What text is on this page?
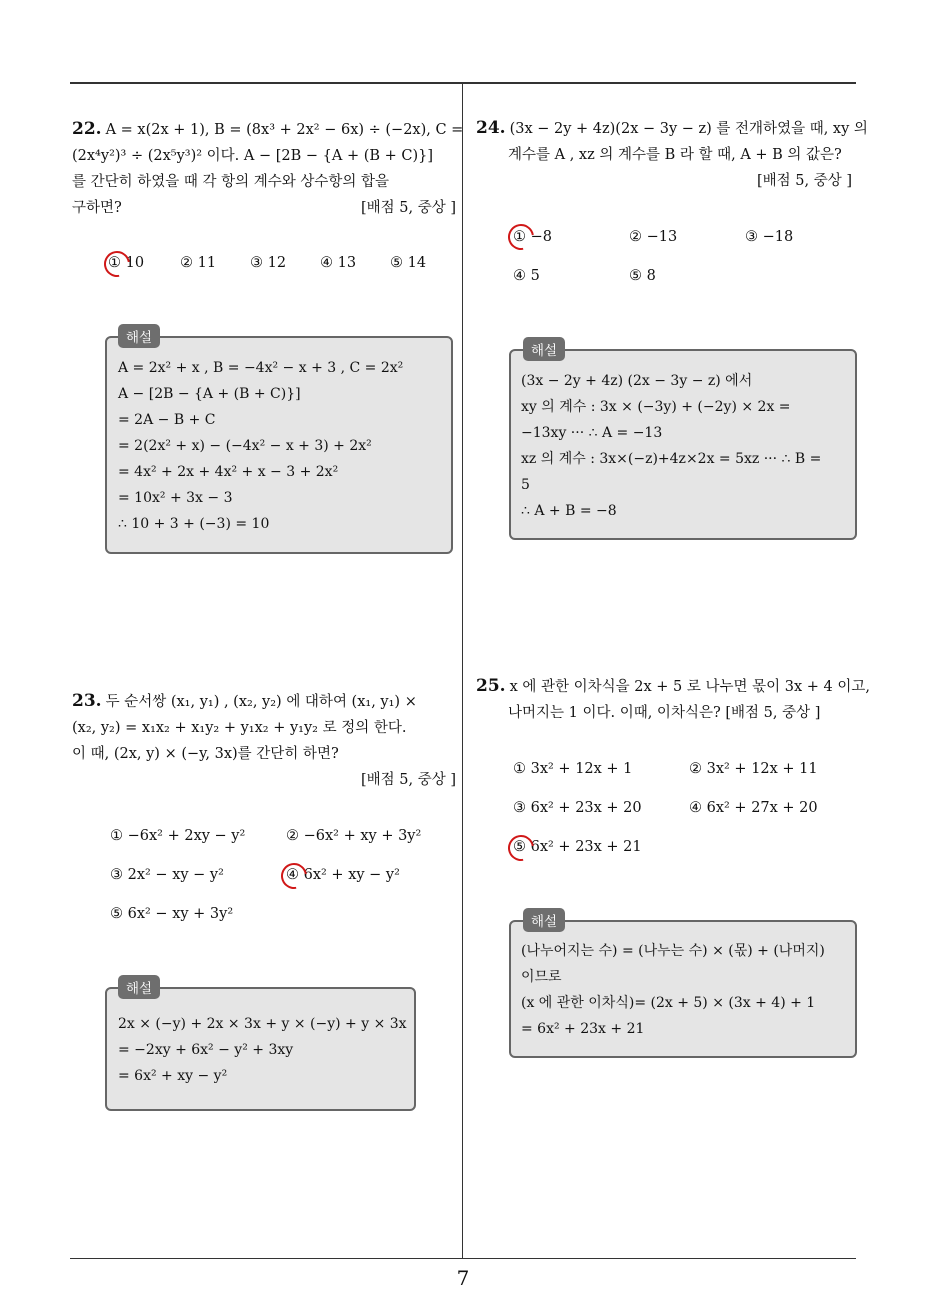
22. A = x(2x + 1), B = (8x³ + 2x² − 6x) ÷ (−2x), C =
(2x⁴y²)³ ÷ (2x⁵y³)² 이다. A − [2B − {A + (B + C)}]
를 간단히 하였을 때 각 항의 계수와 상수항의 합을
구하면?	[배점 5, 중상 ]
① 10 ② 11 ③ 12 ④ 13 ⑤ 14
해설
A = 2x² + x , B = −4x² − x + 3 , C = 2x²
A − [2B − {A + (B + C)}]
= 2A − B + C
= 2(2x² + x) − (−4x² − x + 3) + 2x²
= 4x² + 2x + 4x² + x − 3 + 2x²
= 10x² + 3x − 3
∴ 10 + 3 + (−3) = 10
23. 두 순서쌍 (x₁, y₁) , (x₂, y₂) 에 대하여 (x₁, y₁) ×
(x₂, y₂) = x₁x₂ + x₁y₂ + y₁x₂ + y₁y₂ 로 정의 한다.
이 때, (2x, y) × (−y, 3x)를 간단히 하면?
[배점 5, 중상 ]
① −6x² + 2xy − y²	② −6x² + xy + 3y²
③ 2x² − xy − y²	④ 6x² + xy − y²
⑤ 6x² − xy + 3y²
해설
2x × (−y) + 2x × 3x + y × (−y) + y × 3x
= −2xy + 6x² − y² + 3xy
= 6x² + xy − y²
24. (3x − 2y + 4z)(2x − 3y − z) 를 전개하였을 때, xy 의
계수를 A , xz 의 계수를 B 라 할 때, A + B 의 값은?
[배점 5, 중상 ]
① −8	② −13	③ −18
④ 5	⑤ 8
해설
(3x − 2y + 4z) (2x − 3y − z) 에서
xy 의 계수 : 3x × (−3y) + (−2y) × 2x =
−13xy ··· ∴ A = −13
xz 의 계수 : 3x×(−z)+4z×2x = 5xz ··· ∴ B =
5
∴ A + B = −8
25. x 에 관한 이차식을 2x + 5 로 나누면 몫이 3x + 4 이고,
나머지는 1 이다. 이때, 이차식은? [배점 5, 중상 ]
① 3x² + 12x + 1	② 3x² + 12x + 11
③ 6x² + 23x + 20	④ 6x² + 27x + 20
⑤ 6x² + 23x + 21
해설
(나누어지는 수) = (나누는 수) × (몫) + (나머지)
이므로
(x 에 관한 이차식)= (2x + 5) × (3x + 4) + 1
= 6x² + 23x + 21
7
